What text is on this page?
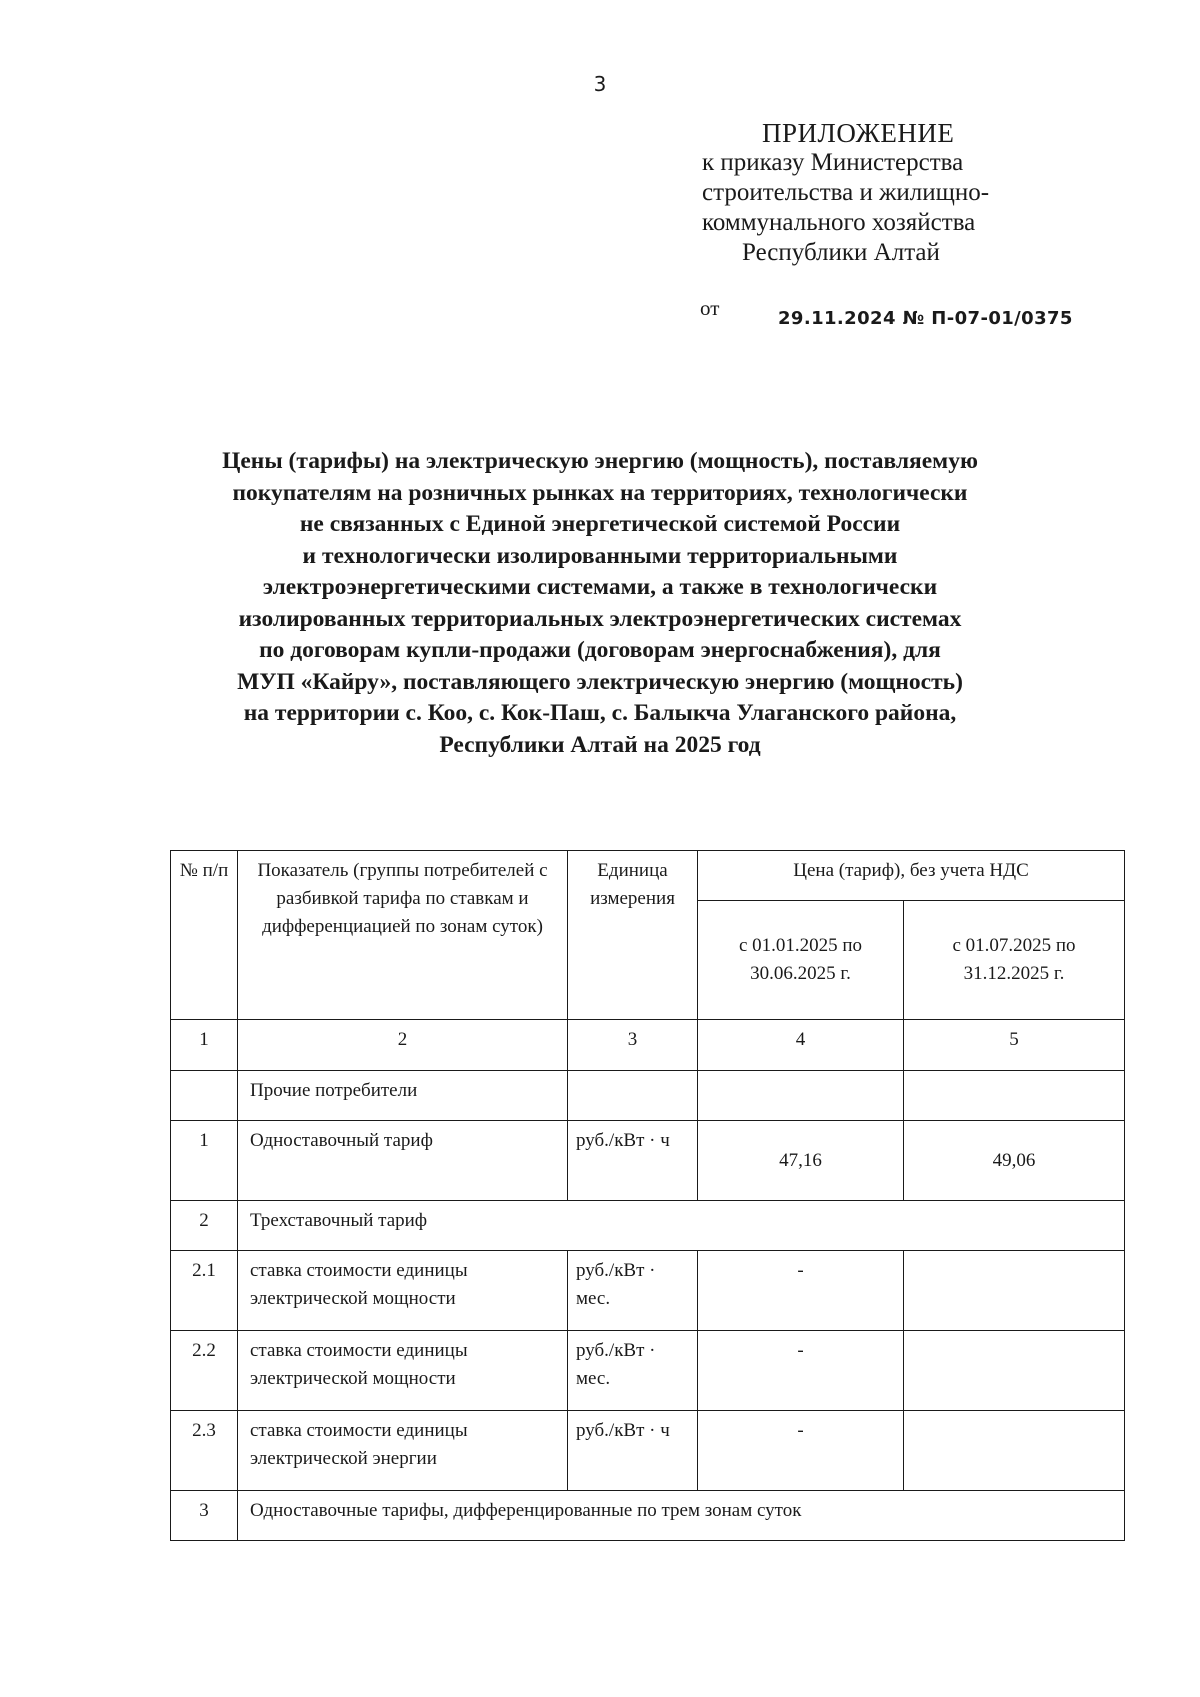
3
ПРИЛОЖЕНИЕ
к приказу Министерства
строительства и жилищно-
коммунального хозяйства
Республики Алтай
от	29.11.2024 № П-07-01/0375
Цены (тарифы) на электрическую энергию (мощность), поставляемую
покупателям на розничных рынках на территориях, технологически
не связанных с Единой энергетической системой России
и технологически изолированными территориальными
электроэнергетическими системами, а также в технологически
изолированных территориальных электроэнергетических системах
по договорам купли-продажи (договорам энергоснабжения), для
МУП «Кайру», поставляющего электрическую энергию (мощность)
на территории с. Коо, с. Кок-Паш, с. Балыкча Улаганского района,
Республики Алтай на 2025 год
№ п/п	Показатель (группы потребителей с разбивкой тарифа по ставкам и дифференциацией по зонам суток)	Единица измерения	Цена (тариф), без учета НДС	
			с 01.01.2025 по 30.06.2025 г.	с 01.07.2025 по 31.12.2025 г.
1	2	3	4	5
	Прочие потребители			
1	Одноставочный тариф	руб./кВт · ч	47,16	49,06
2	Трехставочный тариф			
2.1	ставка стоимости единицы электрической мощности	руб./кВт · мес.	-	
2.2	ставка стоимости единицы электрической мощности	руб./кВт · мес.	-	
2.3	ставка стоимости единицы электрической энергии	руб./кВт · ч	-	
3	Одноставочные тарифы, дифференцированные по трем зонам суток			
